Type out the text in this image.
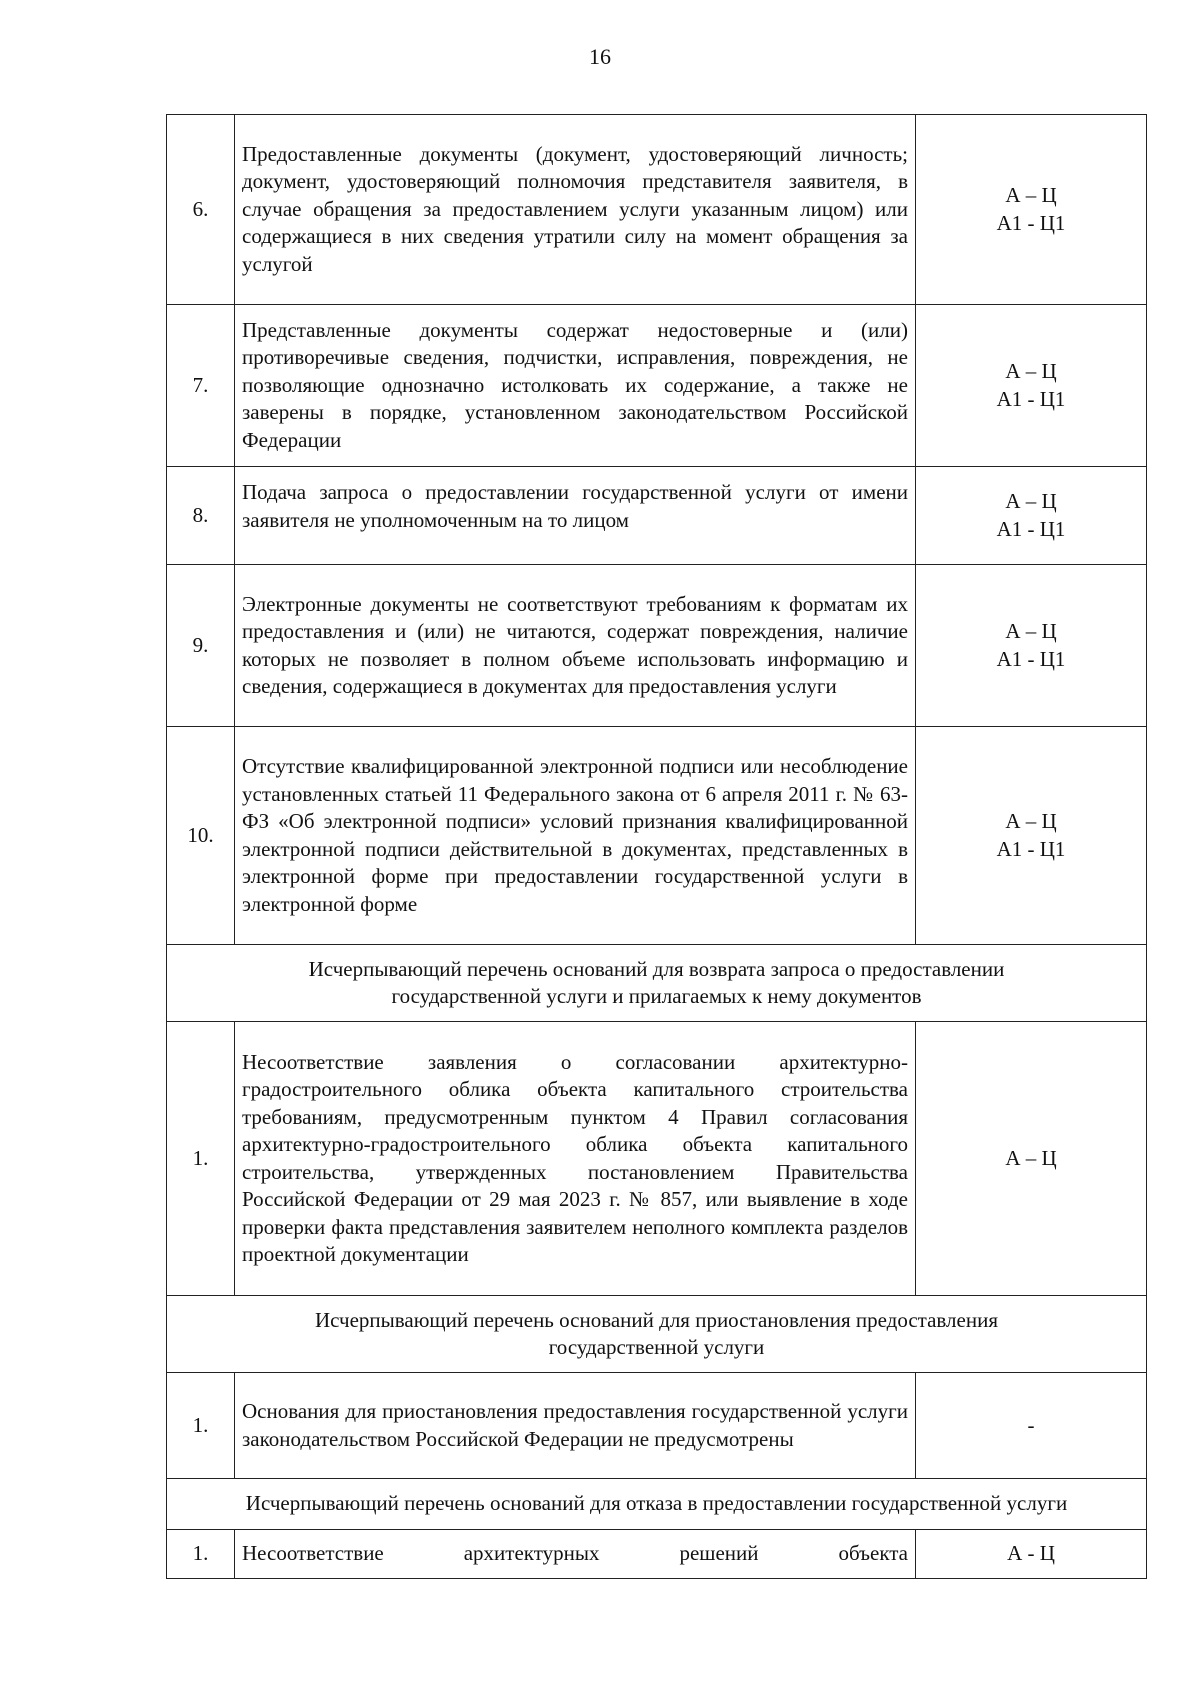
16
6.	Предоставленные документы (документ, удостоверяющий личность; документ, удостоверяющий полномочия представителя заявителя, в случае обращения за предоставлением услуги указанным лицом) или содержащиеся в них сведения утратили силу на момент обращения за услугой	А – Ц
А1 - Ц1

7.	Представленные документы содержат недостоверные и (или) противоречивые сведения, подчистки, исправления, повреждения, не позволяющие однозначно истолковать их содержание, а также не заверены в порядке, установленном законодательством Российской Федерации	А – Ц
А1 - Ц1

8.	Подача запроса о предоставлении государственной услуги от имени заявителя не уполномоченным на то лицом	А – Ц
А1 - Ц1

9.	Электронные документы не соответствуют требованиям к форматам их предоставления и (или) не читаются, содержат повреждения, наличие которых не позволяет в полном объеме использовать информацию и сведения, содержащиеся в документах для предоставления услуги	А – Ц
А1 - Ц1

10.	Отсутствие квалифицированной электронной подписи или несоблюдение установленных статьей 11 Федерального закона от 6 апреля 2011 г. № 63-ФЗ «Об электронной подписи» условий признания квалифицированной электронной подписи действительной в документах, представленных в электронной форме при предоставлении государственной услуги в электронной форме	А – Ц
А1 - Ц1

Исчерпывающий перечень оснований для возврата запроса о предоставлении
государственной услуги и прилагаемых к нему документов		

1.	Несоответствие заявления о согласовании архитектурно-градостроительного облика объекта капитального строительства требованиям, предусмотренным пунктом 4 Правил согласования архитектурно-градостроительного облика объекта капитального строительства, утвержденных постановлением Правительства Российской Федерации от 29 мая 2023 г. № 857, или выявление в ходе проверки факта представления заявителем неполного комплекта разделов проектной документации	А – Ц

Исчерпывающий перечень оснований для приостановления предоставления
государственной услуги		

1.	Основания для приостановления предоставления государственной услуги законодательством Российской Федерации не предусмотрены	-

Исчерпывающий перечень оснований для отказа в предоставлении государственной услуги		

1.	Несоответствие архитектурных решений объекта	А - Ц
